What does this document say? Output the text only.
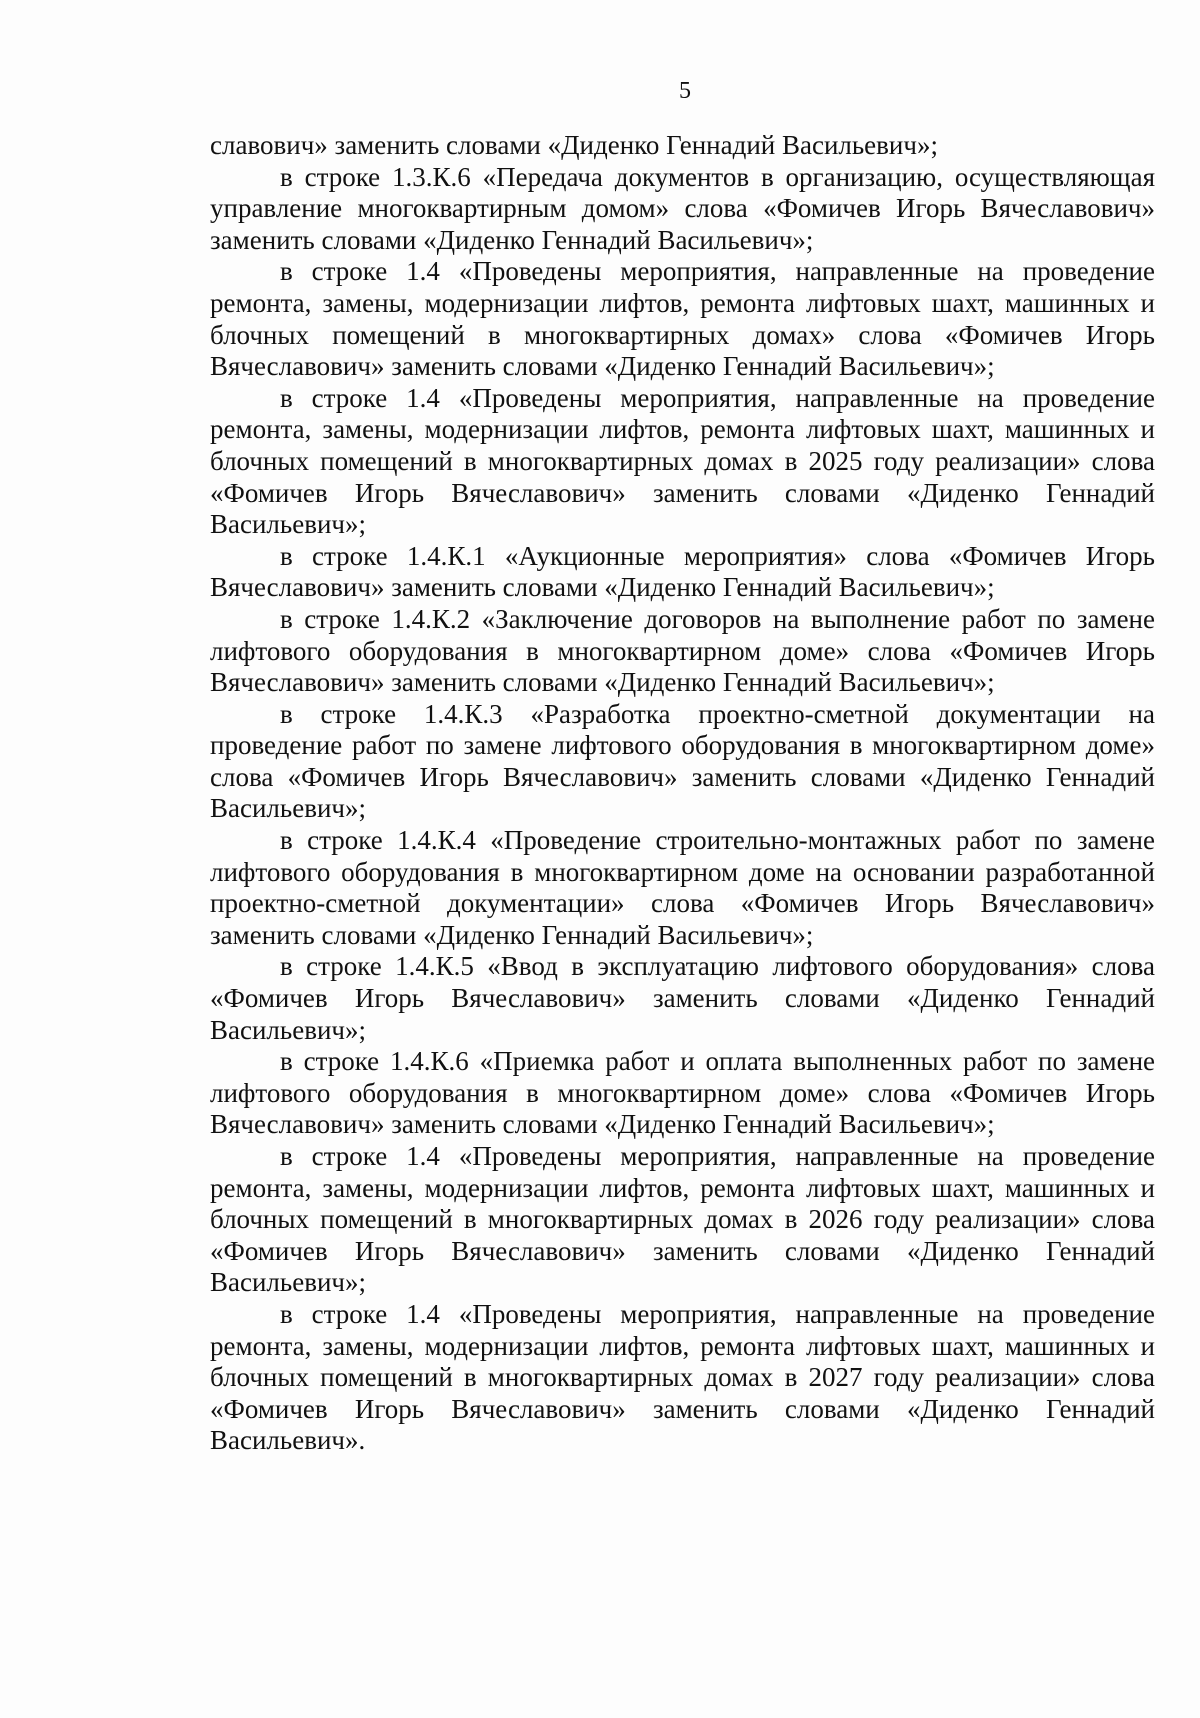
5

славович» заменить словами «Диденко Геннадий Васильевич»;

в строке 1.3.К.6 «Передача документов в организацию, осуществляющая управление многоквартирным домом» слова «Фомичев Игорь Вячеславович» заменить словами «Диденко Геннадий Васильевич»;

в строке 1.4 «Проведены мероприятия, направленные на проведение ремонта, замены, модернизации лифтов, ремонта лифтовых шахт, машинных и блочных помещений в многоквартирных домах» слова «Фомичев Игорь Вячеславович» заменить словами «Диденко Геннадий Васильевич»;

в строке 1.4 «Проведены мероприятия, направленные на проведение ремонта, замены, модернизации лифтов, ремонта лифтовых шахт, машинных и блочных помещений в многоквартирных домах в 2025 году реализации» слова «Фомичев Игорь Вячеславович» заменить словами «Диденко Геннадий Васильевич»;

в строке 1.4.К.1 «Аукционные мероприятия» слова «Фомичев Игорь Вячеславович» заменить словами «Диденко Геннадий Васильевич»;

в строке 1.4.К.2 «Заключение договоров на выполнение работ по замене лифтового оборудования в многоквартирном доме» слова «Фомичев Игорь Вячеславович» заменить словами «Диденко Геннадий Васильевич»;

в строке 1.4.К.3 «Разработка проектно-сметной документации на проведение работ по замене лифтового оборудования в многоквартирном доме» слова «Фомичев Игорь Вячеславович» заменить словами «Диденко Геннадий Васильевич»;

в строке 1.4.К.4 «Проведение строительно-монтажных работ по замене лифтового оборудования в многоквартирном доме на основании разработанной проектно-сметной документации» слова «Фомичев Игорь Вячеславович» заменить словами «Диденко Геннадий Васильевич»;

в строке 1.4.К.5 «Ввод в эксплуатацию лифтового оборудования» слова «Фомичев Игорь Вячеславович» заменить словами «Диденко Геннадий Васильевич»;

в строке 1.4.К.6 «Приемка работ и оплата выполненных работ по замене лифтового оборудования в многоквартирном доме» слова «Фомичев Игорь Вячеславович» заменить словами «Диденко Геннадий Васильевич»;

в строке 1.4 «Проведены мероприятия, направленные на проведение ремонта, замены, модернизации лифтов, ремонта лифтовых шахт, машинных и блочных помещений в многоквартирных домах в 2026 году реализации» слова «Фомичев Игорь Вячеславович» заменить словами «Диденко Геннадий Васильевич»;

в строке 1.4 «Проведены мероприятия, направленные на проведение ремонта, замены, модернизации лифтов, ремонта лифтовых шахт, машинных и блочных помещений в многоквартирных домах в 2027 году реализации» слова «Фомичев Игорь Вячеславович» заменить словами «Диденко Геннадий Васильевич».
